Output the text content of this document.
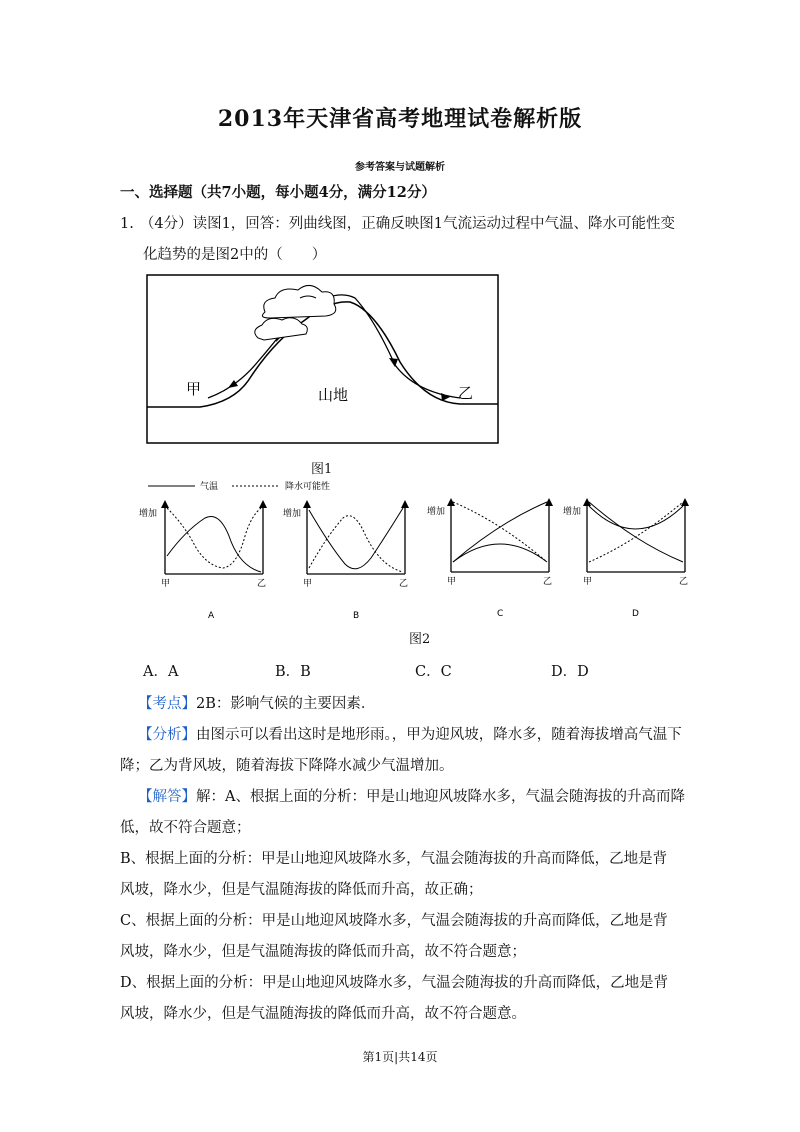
2013年天津省高考地理试卷解析版
参考答案与试题解析
一、选择题（共7小题，每小题4分，满分12分）
1. （4分）读图1，回答：列曲线图，正确反映图1气流运动过程中气温、降水可能性变
化趋势的是图2中的（　　）
甲	山地	乙
图1
气温	降水可能性
增加
甲	乙
A
增加
甲	乙
B
增加
甲	乙
C
增加
甲	乙
D
图2
A．A	B．B	C．C	D．D
【考点】2B：影响气候的主要因素．
【分析】由图示可以看出这时是地形雨。，甲为迎风坡，降水多，随着海拔增高气温下
降；乙为背风坡，随着海拔下降降水减少气温增加。
【解答】解：A、根据上面的分析：甲是山地迎风坡降水多，气温会随海拔的升高而降
低，故不符合题意；
B、根据上面的分析：甲是山地迎风坡降水多，气温会随海拔的升高而降低，乙地是背
风坡，降水少，但是气温随海拔的降低而升高，故正确；
C、根据上面的分析：甲是山地迎风坡降水多，气温会随海拔的升高而降低，乙地是背
风坡，降水少，但是气温随海拔的降低而升高，故不符合题意；
D、根据上面的分析：甲是山地迎风坡降水多，气温会随海拔的升高而降低，乙地是背
风坡，降水少，但是气温随海拔的降低而升高，故不符合题意。
第1页|共14页
